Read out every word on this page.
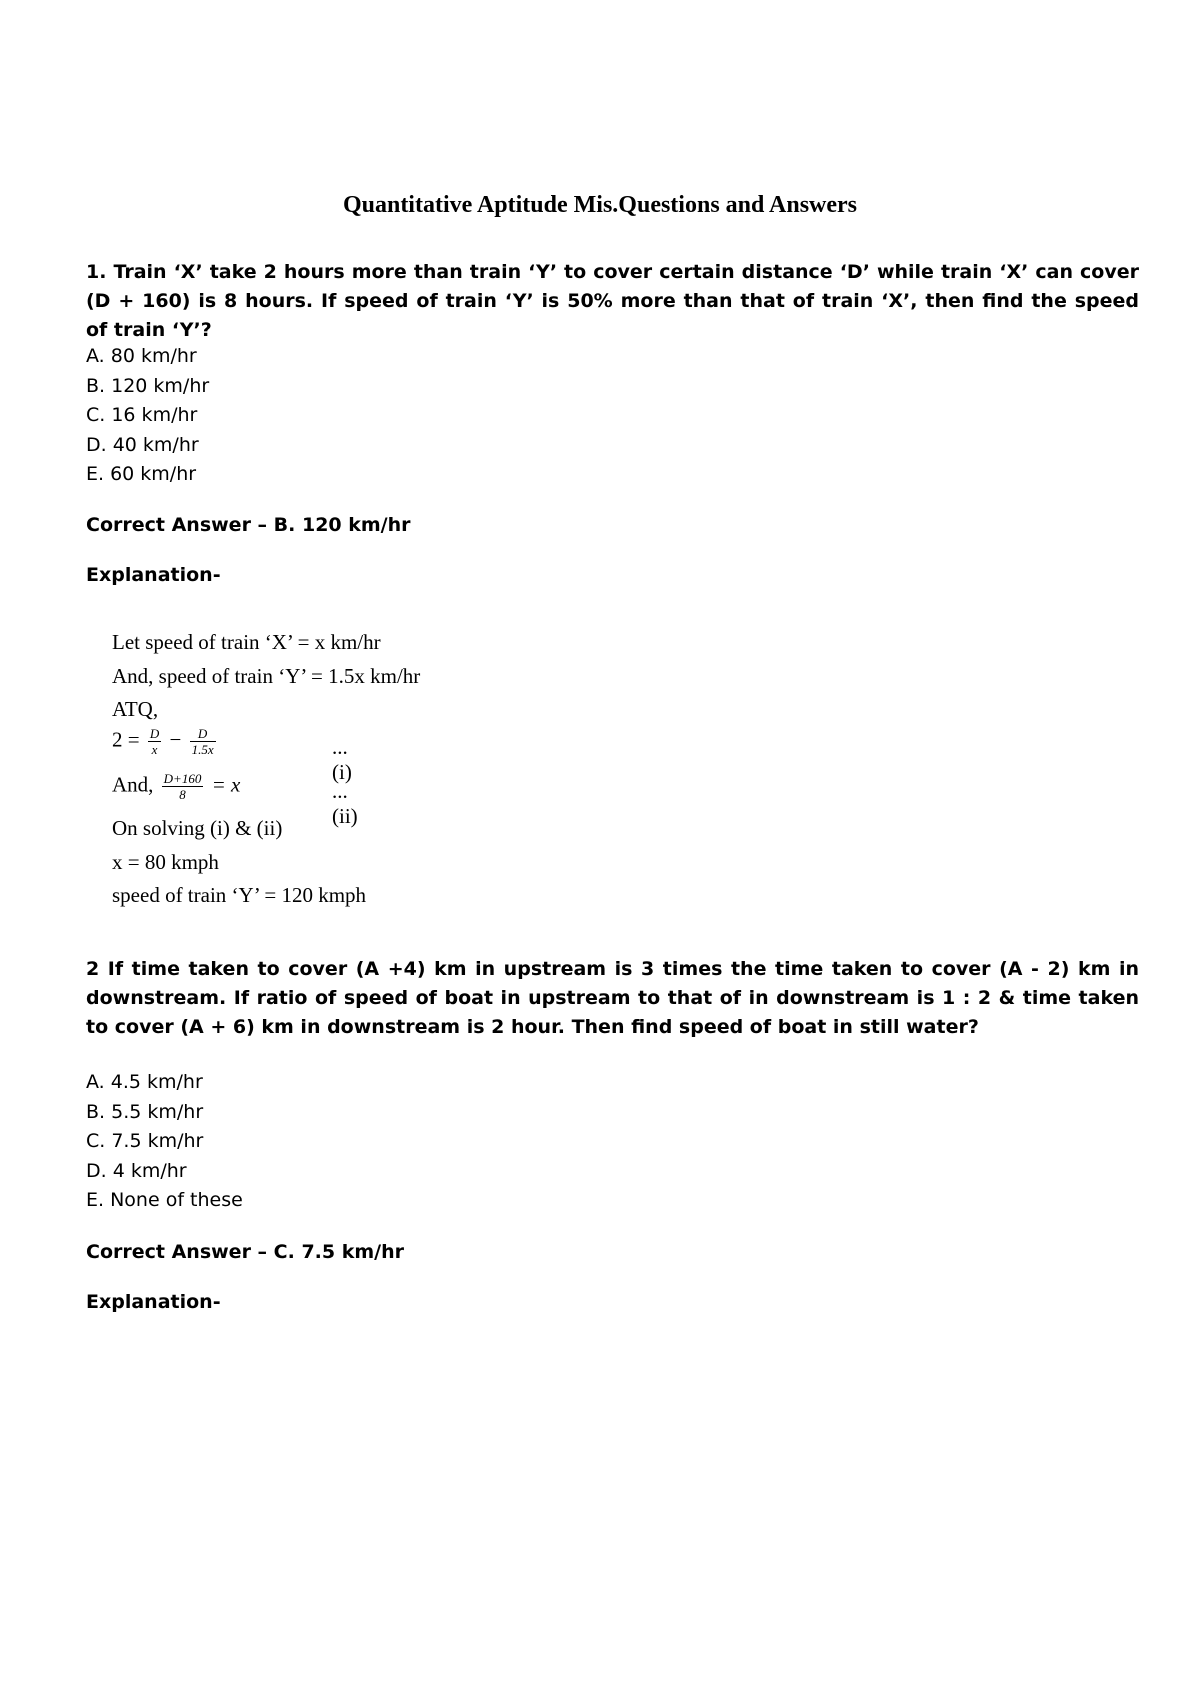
Quantitative Aptitude Mis.Questions and Answers
1. Train ‘X’ take 2 hours more than train ‘Y’ to cover certain distance ‘D’ while train ‘X’ can cover (D + 160) is 8 hours. If speed of train ‘Y’ is 50% more than that of train ‘X’, then find the speed of train ‘Y’?
A. 80 km/hr
B. 120 km/hr
C. 16 km/hr
D. 40 km/hr
E. 60 km/hr
Correct Answer – B. 120 km/hr
Explanation-
Let speed of train ‘X’ = x km/hr
And, speed of train ‘Y’ = 1.5x km/hr
ATQ,
$2 = \frac{D}{x} - \frac{D}{1.5x}$	...(i)
And, $\frac{D+160}{8} = x$	...(ii)
On solving (i) & (ii)
x = 80 kmph
speed of train ‘Y’ = 120 kmph
2 If time taken to cover (A +4) km in upstream is 3 times the time taken to cover (A - 2) km in downstream. If ratio of speed of boat in upstream to that of in downstream is 1 : 2 & time taken to cover (A + 6) km in downstream is 2 hour. Then find speed of boat in still water?
A. 4.5 km/hr
B. 5.5 km/hr
C. 7.5 km/hr
D. 4 km/hr
E. None of these
Correct Answer – C. 7.5 km/hr
Explanation-
